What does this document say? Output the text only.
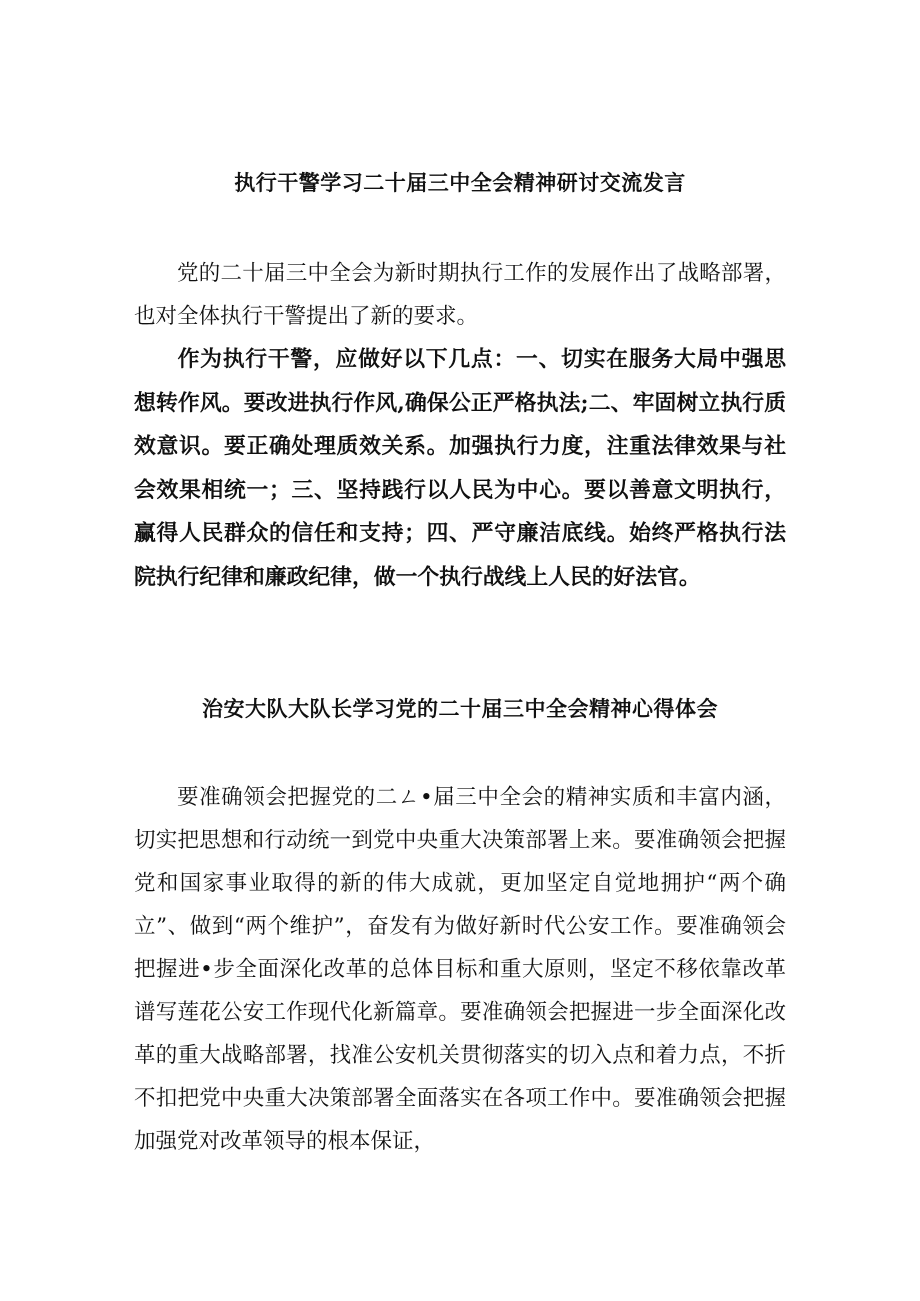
执行干警学习二十届三中全会精神研讨交流发言

党的二十届三中全会为新时期执行工作的发展作出了战略部署，也对全体执行干警提出了新的要求。

作为执行干警，应做好以下几点：一、切实在服务大局中强思想转作风。要改进执行作风,确保公正严格执法;二、牢固树立执行质效意识。要正确处理质效关系。加强执行力度，注重法律效果与社会效果相统一；三、坚持践行以人民为中心。要以善意文明执行，赢得人民群众的信任和支持；四、严守廉洁底线。始终严格执行法院执行纪律和廉政纪律，做一个执行战线上人民的好法官。

治安大队大队长学习党的二十届三中全会精神心得体会

要准确领会把握党的二ㄥ•届三中全会的精神实质和丰富内涵，切实把思想和行动统一到党中央重大决策部署上来。要准确领会把握党和国家事业取得的新的伟大成就，更加坚定自觉地拥护“两个确立”、做到“两个维护”，奋发有为做好新时代公安工作。要准确领会把握进•步全面深化改革的总体目标和重大原则，坚定不移依靠改革谱写莲花公安工作现代化新篇章。要准确领会把握进一步全面深化改革的重大战略部署，找准公安机关贯彻落实的切入点和着力点，不折不扣把党中央重大决策部署全面落实在各项工作中。要准确领会把握加强党对改革领导的根本保证，
